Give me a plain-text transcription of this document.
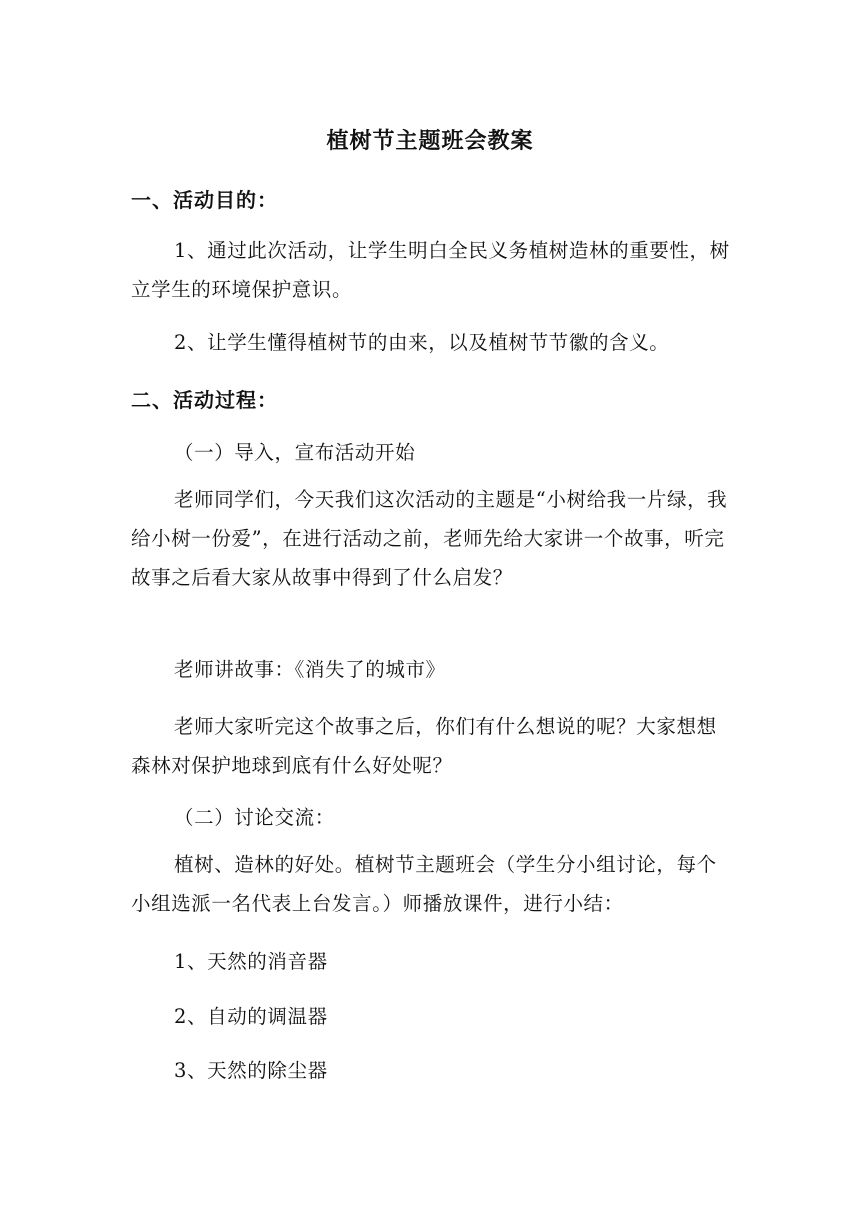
植树节主题班会教案
一、活动目的：

1、通过此次活动，让学生明白全民义务植树造林的重要性，树立学生的环境保护意识。

2、让学生懂得植树节的由来，以及植树节节徽的含义。

二、活动过程：
（一）导入，宣布活动开始

老师同学们，今天我们这次活动的主题是“小树给我一片绿，我给小树一份爱”，在进行活动之前，老师先给大家讲一个故事，听完故事之后看大家从故事中得到了什么启发？

老师讲故事：《消失了的城市》

老师大家听完这个故事之后，你们有什么想说的呢？大家想想森林对保护地球到底有什么好处呢？

（二）讨论交流：

植树、造林的好处。植树节主题班会（学生分小组讨论，每个小组选派一名代表上台发言。）师播放课件，进行小结：

1、天然的消音器
2、自动的调温器
3、天然的除尘器
